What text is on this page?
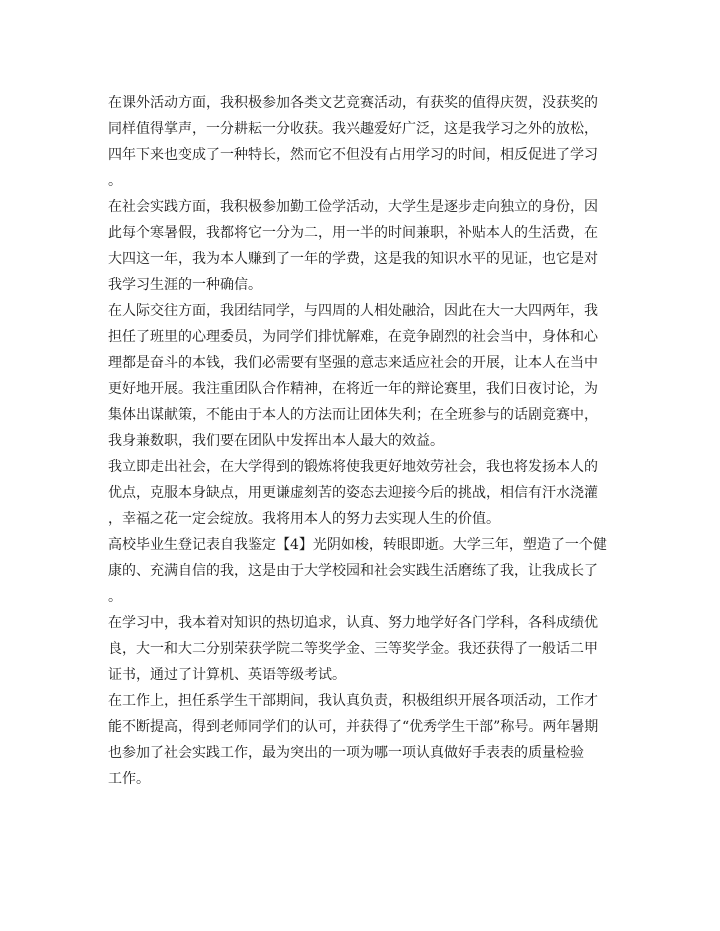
在课外活动方面，我积极参加各类文艺竞赛活动，有获奖的值得庆贺，没获奖的
同样值得掌声，一分耕耘一分收获。我兴趣爱好广泛，这是我学习之外的放松，
四年下来也变成了一种特长，然而它不但没有占用学习的时间，相反促进了学习
。
在社会实践方面，我积极参加勤工俭学活动，大学生是逐步走向独立的身份，因
此每个寒暑假，我都将它一分为二，用一半的时间兼职，补贴本人的生活费，在
大四这一年，我为本人赚到了一年的学费，这是我的知识水平的见证，也它是对
我学习生涯的一种确信。
在人际交往方面，我团结同学，与四周的人相处融洽，因此在大一大四两年，我
担任了班里的心理委员，为同学们排忧解难，在竞争剧烈的社会当中，身体和心
理都是奋斗的本钱，我们必需要有坚强的意志来适应社会的开展，让本人在当中
更好地开展。我注重团队合作精神，在将近一年的辩论赛里，我们日夜讨论，为
集体出谋献策，不能由于本人的方法而让团体失利；在全班参与的话剧竞赛中，
我身兼数职，我们要在团队中发挥出本人最大的效益。
我立即走出社会，在大学得到的锻炼将使我更好地效劳社会，我也将发扬本人的
优点，克服本身缺点，用更谦虚刻苦的姿态去迎接今后的挑战，相信有汗水浇灌
，幸福之花一定会绽放。我将用本人的努力去实现人生的价值。
高校毕业生登记表自我鉴定【4】光阴如梭，转眼即逝。大学三年，塑造了一个健
康的、充满自信的我，这是由于大学校园和社会实践生活磨练了我，让我成长了
。
在学习中，我本着对知识的热切追求，认真、努力地学好各门学科，各科成绩优
良，大一和大二分别荣获学院二等奖学金、三等奖学金。我还获得了一般话二甲
证书，通过了计算机、英语等级考试。
在工作上，担任系学生干部期间，我认真负责，积极组织开展各项活动，工作才
能不断提高，得到老师同学们的认可，并获得了“优秀学生干部”称号。两年暑期
也参加了社会实践工作，最为突出的一项为哪一项认真做好手表表的质量检验
工作。
